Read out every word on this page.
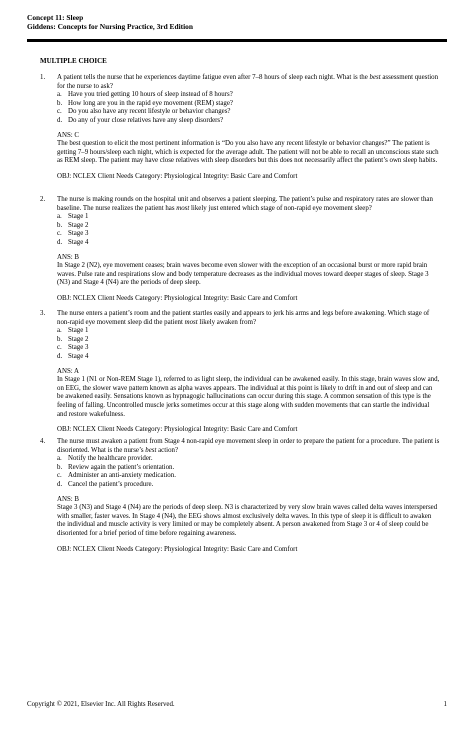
Concept 11: Sleep
Giddens: Concepts for Nursing Practice, 3rd Edition
MULTIPLE CHOICE
1.	A patient tells the nurse that he experiences daytime fatigue even after 7–8 hours of sleep each night. What is the best assessment question for the nurse to ask?
a. Have you tried getting 10 hours of sleep instead of 8 hours?
b. How long are you in the rapid eye movement (REM) stage?
c. Do you also have any recent lifestyle or behavior changes?
d. Do any of your close relatives have any sleep disorders?
ANS: C
The best question to elicit the most pertinent information is “Do you also have any recent lifestyle or behavior changes?” The patient is getting 7–9 hours/sleep each night, which is expected for the average adult. The patient will not be able to recall an unconscious state such as REM sleep. The patient may have close relatives with sleep disorders but this does not necessarily affect the patient’s own sleep habits.
OBJ: NCLEX Client Needs Category: Physiological Integrity: Basic Care and Comfort
2.	The nurse is making rounds on the hospital unit and observes a patient sleeping. The patient’s pulse and respiratory rates are slower than baseline. The nurse realizes the patient has most likely just entered which stage of non-rapid eye movement sleep?
a. Stage 1
b. Stage 2
c. Stage 3
d. Stage 4
ANS: B
In Stage 2 (N2), eye movement ceases; brain waves become even slower with the exception of an occasional burst or more rapid brain waves. Pulse rate and respirations slow and body temperature decreases as the individual moves toward deeper stages of sleep. Stage 3 (N3) and Stage 4 (N4) are the periods of deep sleep.
OBJ: NCLEX Client Needs Category: Physiological Integrity: Basic Care and Comfort
3.	The nurse enters a patient’s room and the patient startles easily and appears to jerk his arms and legs before awakening. Which stage of non-rapid eye movement sleep did the patient most likely awaken from?
a. Stage 1
b. Stage 2
c. Stage 3
d. Stage 4
ANS: A
In Stage 1 (N1 or Non-REM Stage 1), referred to as light sleep, the individual can be awakened easily. In this stage, brain waves slow and, on EEG, the slower wave pattern known as alpha waves appears. The individual at this point is likely to drift in and out of sleep and can be awakened easily. Sensations known as hypnagogic hallucinations can occur during this stage. A common sensation of this type is the feeling of falling. Uncontrolled muscle jerks sometimes occur at this stage along with sudden movements that can startle the individual and restore wakefulness.
OBJ: NCLEX Client Needs Category: Physiological Integrity: Basic Care and Comfort
4.	The nurse must awaken a patient from Stage 4 non-rapid eye movement sleep in order to prepare the patient for a procedure. The patient is disoriented. What is the nurse’s best action?
a. Notify the healthcare provider.
b. Review again the patient’s orientation.
c. Administer an anti-anxiety medication.
d. Cancel the patient’s procedure.
ANS: B
Stage 3 (N3) and Stage 4 (N4) are the periods of deep sleep. N3 is characterized by very slow brain waves called delta waves interspersed with smaller, faster waves. In Stage 4 (N4), the EEG shows almost exclusively delta waves. In this type of sleep it is difficult to awaken the individual and muscle activity is very limited or may be completely absent. A person awakened from Stage 3 or 4 of sleep could be disoriented for a brief period of time before regaining awareness.
OBJ: NCLEX Client Needs Category: Physiological Integrity: Basic Care and Comfort
Copyright © 2021, Elsevier Inc. All Rights Reserved.	1
